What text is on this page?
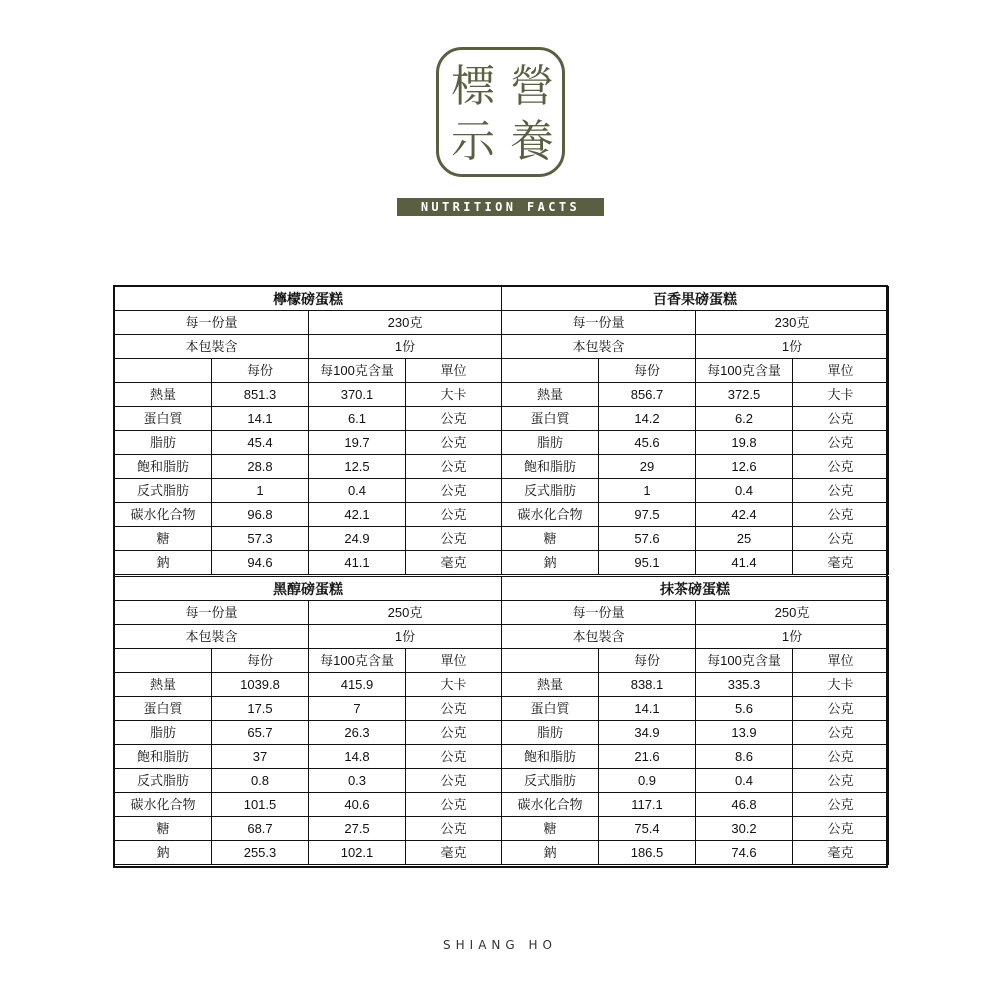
標 營
示 養
NUTRITION FACTS
檸檬磅蛋糕			
每一份量		230克	
本包裝含		1份	
	每份	每100克含量	單位
熱量	851.3	370.1	大卡
蛋白質	14.1	6.1	公克
脂肪	45.4	19.7	公克
飽和脂肪	28.8	12.5	公克
反式脂肪	1	0.4	公克
碳水化合物	96.8	42.1	公克
糖	57.3	24.9	公克
鈉	94.6	41.1	毫克
百香果磅蛋糕			
每一份量		230克	
本包裝含		1份	
	每份	每100克含量	單位
熱量	856.7	372.5	大卡
蛋白質	14.2	6.2	公克
脂肪	45.6	19.8	公克
飽和脂肪	29	12.6	公克
反式脂肪	1	0.4	公克
碳水化合物	97.5	42.4	公克
糖	57.6	25	公克
鈉	95.1	41.4	毫克
黑醇磅蛋糕			
每一份量		250克	
本包裝含		1份	
	每份	每100克含量	單位
熱量	1039.8	415.9	大卡
蛋白質	17.5	7	公克
脂肪	65.7	26.3	公克
飽和脂肪	37	14.8	公克
反式脂肪	0.8	0.3	公克
碳水化合物	101.5	40.6	公克
糖	68.7	27.5	公克
鈉	255.3	102.1	毫克
抹茶磅蛋糕			
每一份量		250克	
本包裝含		1份	
	每份	每100克含量	單位
熱量	838.1	335.3	大卡
蛋白質	14.1	5.6	公克
脂肪	34.9	13.9	公克
飽和脂肪	21.6	8.6	公克
反式脂肪	0.9	0.4	公克
碳水化合物	117.1	46.8	公克
糖	75.4	30.2	公克
鈉	186.5	74.6	毫克
SHIANG HO
